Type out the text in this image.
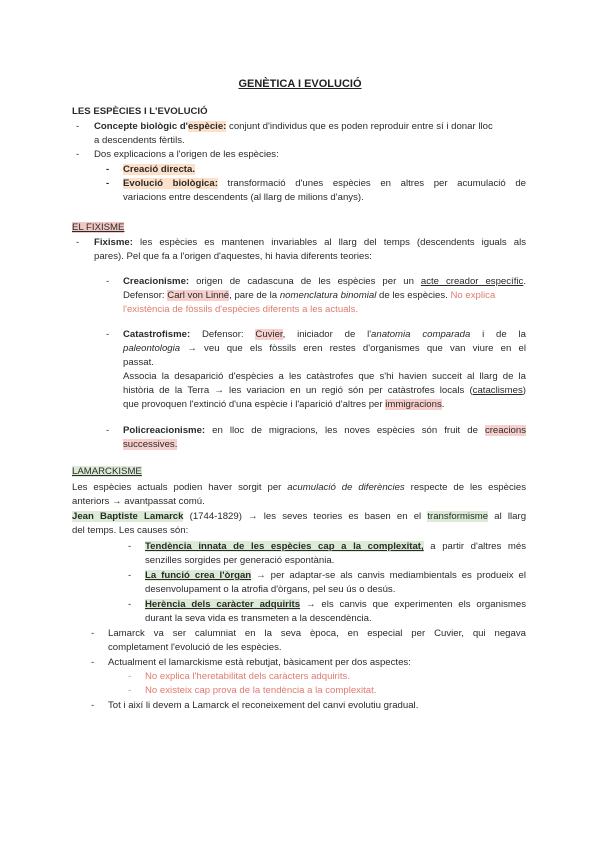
GENÈTICA I EVOLUCIÓ
LES ESPÈCIES I L'EVOLUCIÓ
-	Concepte biològic d'espècie: conjunt d'individus que es poden reproduir entre sí i donar lloc
a descendents fèrtils.
-	Dos explicacions a l'origen de les espècies:
-	Creació directa.
-	Evolució biològica: transformació d'unes espècies en altres per acumulació de
variacions entre descendents (al llarg de milions d'anys).
EL FIXISME
-	Fixisme: les espècies es mantenen invariables al llarg del temps (descendents iguals als
pares). Pel que fa a l'origen d'aquestes, hi havia diferents teories:
-	Creacionisme: origen de cadascuna de les espècies per un acte creador específic.
Defensor: Carl von Linné, pare de la nomenclatura binomial de les espècies. No explica
l'existència de fòssils d'espècies diferents a les actuals.
-	Catastrofisme: Defensor: Cuvier, iniciador de l'anatomia comparada i de la
paleontologia → veu que els fòssils eren restes d'organismes que van viure en el
passat.
Associa la desaparició d'espècies a les catàstrofes que s'hi havien succeit al llarg de la
història de la Terra → les variacion en un regió són per catàstrofes locals (cataclismes)
que provoquen l'extinció d'una espècie i l'aparició d'altres per immigracions.
-	Policreacionisme: en lloc de migracions, les noves espècies són fruit de creacions
successives.
LAMARCKISME
Les espècies actuals podien haver sorgit per acumulació de diferències respecte de les espècies
anteriors → avantpassat comú.
Jean Baptiste Lamarck (1744-1829) → les seves teories es basen en el transformisme al llarg
del temps. Les causes són:
-	Tendència innata de les espècies cap a la complexitat, a partir d'altres més
senzilles sorgides per generació espontània.
-	La funció crea l'òrgan → per adaptar-se als canvis mediambientals es produeix el
desenvolupament o la atrofia d'òrgans, pel seu ús o desús.
-	Herència dels caràcter adquirits → els canvis que experimenten els organismes
durant la seva vida es transmeten a la descendència.
-	Lamarck va ser calumniat en la seva època, en especial per Cuvier, qui negava
completament l'evolució de les espècies.
-	Actualment el lamarckisme està rebutjat, bàsicament per dos aspectes:
-	No explica l'heretabilitat dels caràcters adquirits.
-	No existeix cap prova de la tendència a la complexitat.
-	Tot i així li devem a Lamarck el reconeixement del canvi evolutiu gradual.
